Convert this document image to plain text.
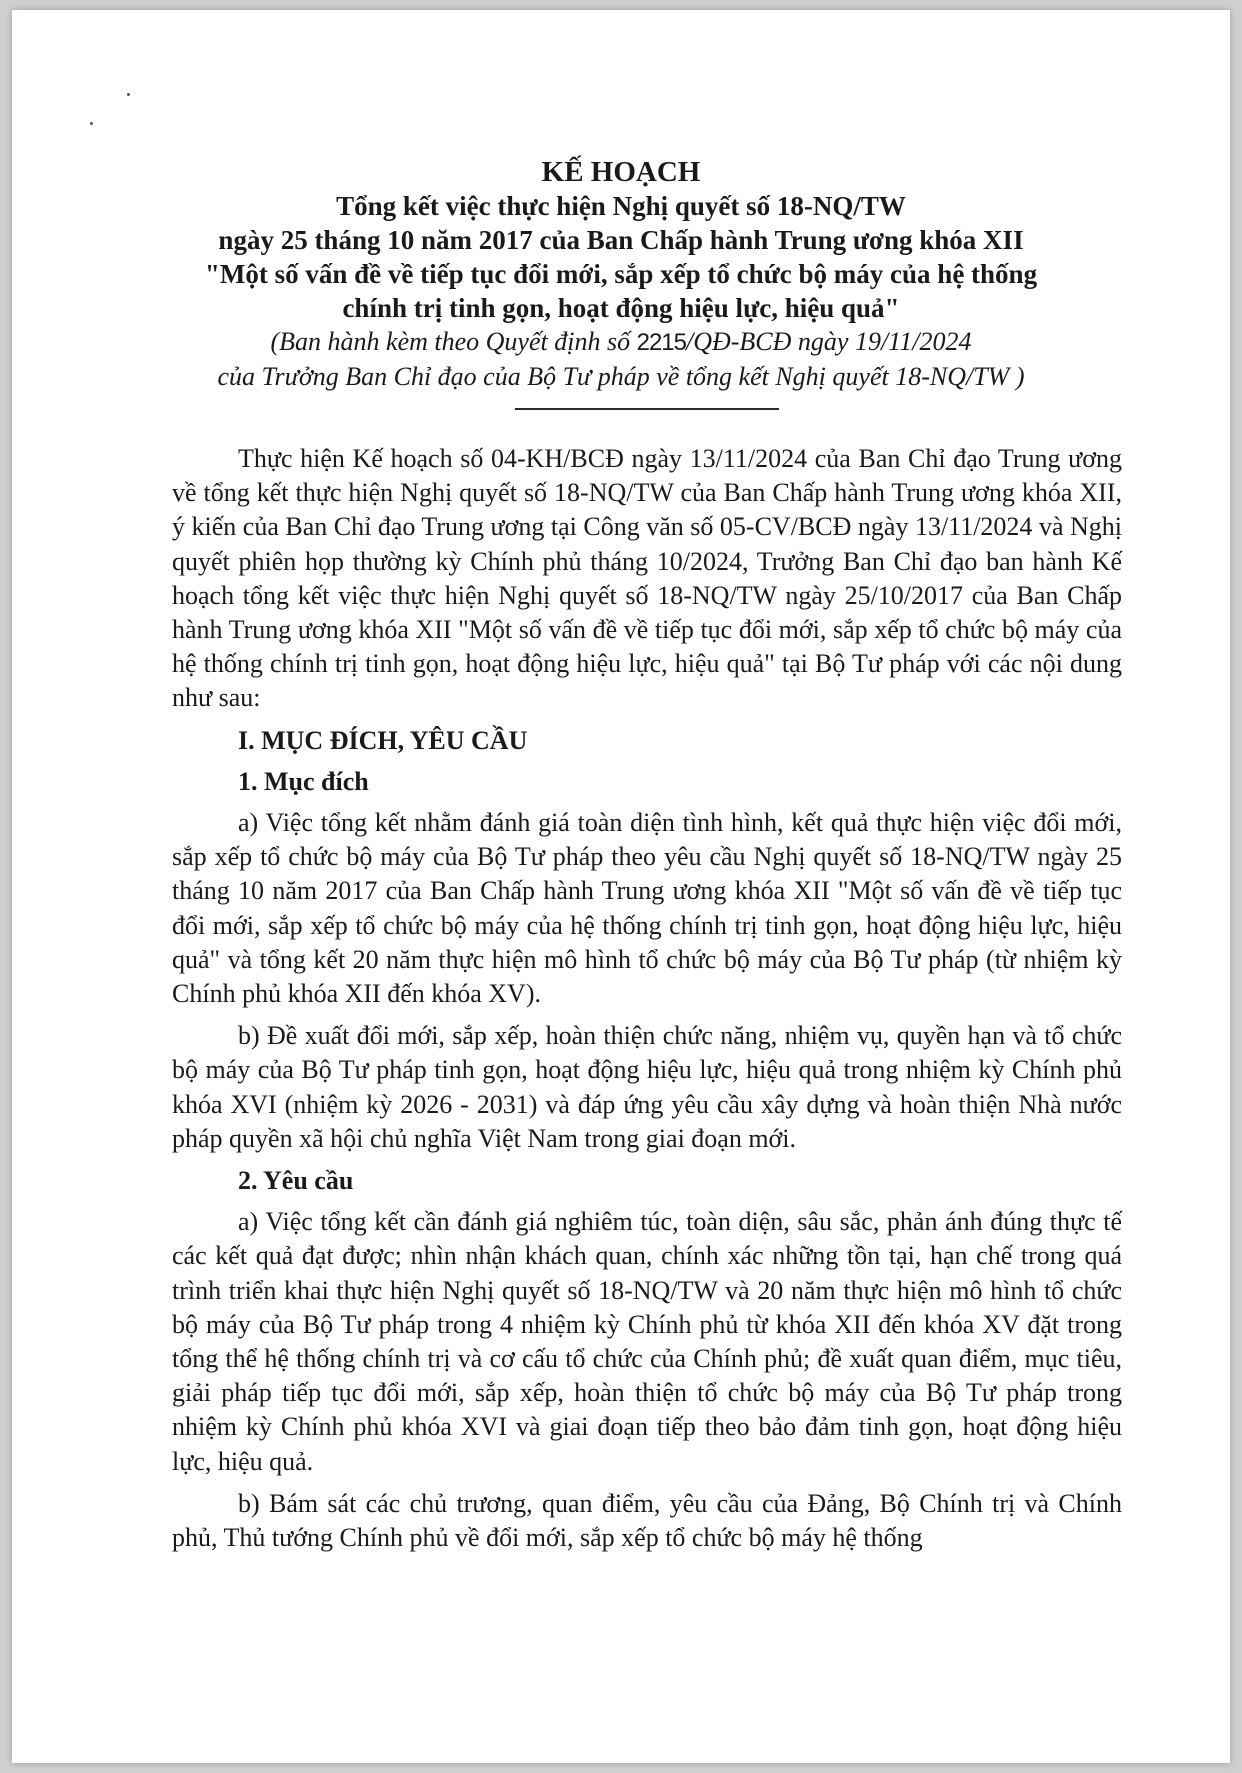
KẾ HOẠCH
Tổng kết việc thực hiện Nghị quyết số 18-NQ/TW
ngày 25 tháng 10 năm 2017 của Ban Chấp hành Trung ương khóa XII
"Một số vấn đề về tiếp tục đổi mới, sắp xếp tổ chức bộ máy của hệ thống
chính trị tinh gọn, hoạt động hiệu lực, hiệu quả"
(Ban hành kèm theo Quyết định số 2215/QĐ-BCĐ ngày 19/11/2024
của Trưởng Ban Chỉ đạo của Bộ Tư pháp về tổng kết Nghị quyết 18-NQ/TW )

Thực hiện Kế hoạch số 04-KH/BCĐ ngày 13/11/2024 của Ban Chỉ đạo Trung ương về tổng kết thực hiện Nghị quyết số 18-NQ/TW của Ban Chấp hành Trung ương khóa XII, ý kiến của Ban Chỉ đạo Trung ương tại Công văn số 05-CV/BCĐ ngày 13/11/2024 và Nghị quyết phiên họp thường kỳ Chính phủ tháng 10/2024, Trưởng Ban Chỉ đạo ban hành Kế hoạch tổng kết việc thực hiện Nghị quyết số 18-NQ/TW ngày 25/10/2017 của Ban Chấp hành Trung ương khóa XII "Một số vấn đề về tiếp tục đổi mới, sắp xếp tổ chức bộ máy của hệ thống chính trị tinh gọn, hoạt động hiệu lực, hiệu quả" tại Bộ Tư pháp với các nội dung như sau:

I. MỤC ĐÍCH, YÊU CẦU
1. Mục đích

a) Việc tổng kết nhằm đánh giá toàn diện tình hình, kết quả thực hiện việc đổi mới, sắp xếp tổ chức bộ máy của Bộ Tư pháp theo yêu cầu Nghị quyết số 18-NQ/TW ngày 25 tháng 10 năm 2017 của Ban Chấp hành Trung ương khóa XII "Một số vấn đề về tiếp tục đổi mới, sắp xếp tổ chức bộ máy của hệ thống chính trị tinh gọn, hoạt động hiệu lực, hiệu quả" và tổng kết 20 năm thực hiện mô hình tổ chức bộ máy của Bộ Tư pháp (từ nhiệm kỳ Chính phủ khóa XII đến khóa XV).

b) Đề xuất đổi mới, sắp xếp, hoàn thiện chức năng, nhiệm vụ, quyền hạn và tổ chức bộ máy của Bộ Tư pháp tinh gọn, hoạt động hiệu lực, hiệu quả trong nhiệm kỳ Chính phủ khóa XVI (nhiệm kỳ 2026 - 2031) và đáp ứng yêu cầu xây dựng và hoàn thiện Nhà nước pháp quyền xã hội chủ nghĩa Việt Nam trong giai đoạn mới.

2. Yêu cầu

a) Việc tổng kết cần đánh giá nghiêm túc, toàn diện, sâu sắc, phản ánh đúng thực tế các kết quả đạt được; nhìn nhận khách quan, chính xác những tồn tại, hạn chế trong quá trình triển khai thực hiện Nghị quyết số 18-NQ/TW và 20 năm thực hiện mô hình tổ chức bộ máy của Bộ Tư pháp trong 4 nhiệm kỳ Chính phủ từ khóa XII đến khóa XV đặt trong tổng thể hệ thống chính trị và cơ cấu tổ chức của Chính phủ; đề xuất quan điểm, mục tiêu, giải pháp tiếp tục đổi mới, sắp xếp, hoàn thiện tổ chức bộ máy của Bộ Tư pháp trong nhiệm kỳ Chính phủ khóa XVI và giai đoạn tiếp theo bảo đảm tinh gọn, hoạt động hiệu lực, hiệu quả.

b) Bám sát các chủ trương, quan điểm, yêu cầu của Đảng, Bộ Chính trị và Chính phủ, Thủ tướng Chính phủ về đổi mới, sắp xếp tổ chức bộ máy hệ thống
